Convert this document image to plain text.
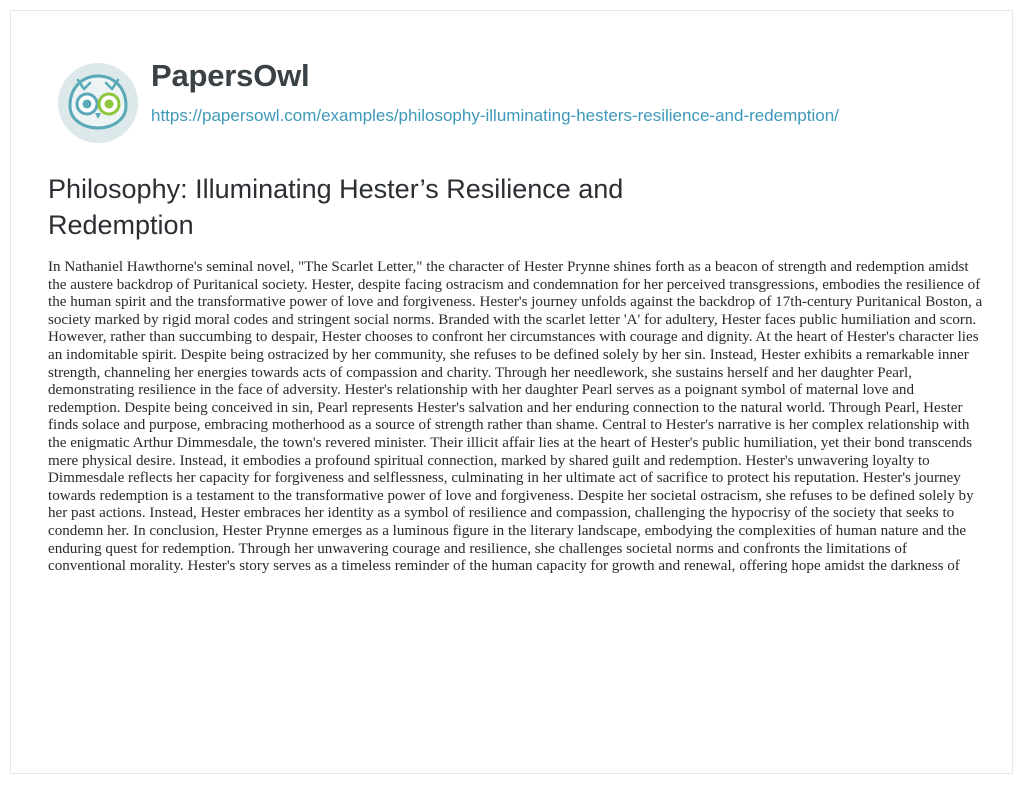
PapersOwl
https://papersowl.com/examples/philosophy-illuminating-hesters-resilience-and-redemption/
Philosophy: Illuminating Hester’s Resilience and Redemption

In Nathaniel Hawthorne's seminal novel, "The Scarlet Letter," the character of Hester Prynne shines forth as a beacon of strength and redemption amidst the austere backdrop of Puritanical society. Hester, despite facing ostracism and condemnation for her perceived transgressions, embodies the resilience of the human spirit and the transformative power of love and forgiveness. Hester's journey unfolds against the backdrop of 17th-century Puritanical Boston, a society marked by rigid moral codes and stringent social norms. Branded with the scarlet letter 'A' for adultery, Hester faces public humiliation and scorn. However, rather than succumbing to despair, Hester chooses to confront her circumstances with courage and dignity. At the heart of Hester's character lies an indomitable spirit. Despite being ostracized by her community, she refuses to be defined solely by her sin. Instead, Hester exhibits a remarkable inner strength, channeling her energies towards acts of compassion and charity. Through her needlework, she sustains herself and her daughter Pearl, demonstrating resilience in the face of adversity. Hester's relationship with her daughter Pearl serves as a poignant symbol of maternal love and redemption. Despite being conceived in sin, Pearl represents Hester's salvation and her enduring connection to the natural world. Through Pearl, Hester finds solace and purpose, embracing motherhood as a source of strength rather than shame. Central to Hester's narrative is her complex relationship with the enigmatic Arthur Dimmesdale, the town's revered minister. Their illicit affair lies at the heart of Hester's public humiliation, yet their bond transcends mere physical desire. Instead, it embodies a profound spiritual connection, marked by shared guilt and redemption. Hester's unwavering loyalty to Dimmesdale reflects her capacity for forgiveness and selflessness, culminating in her ultimate act of sacrifice to protect his reputation. Hester's journey towards redemption is a testament to the transformative power of love and forgiveness. Despite her societal ostracism, she refuses to be defined solely by her past actions. Instead, Hester embraces her identity as a symbol of resilience and compassion, challenging the hypocrisy of the society that seeks to condemn her. In conclusion, Hester Prynne emerges as a luminous figure in the literary landscape, embodying the complexities of human nature and the enduring quest for redemption. Through her unwavering courage and resilience, she challenges societal norms and confronts the limitations of conventional morality. Hester's story serves as a timeless reminder of the human capacity for growth and renewal, offering hope amidst the darkness of
